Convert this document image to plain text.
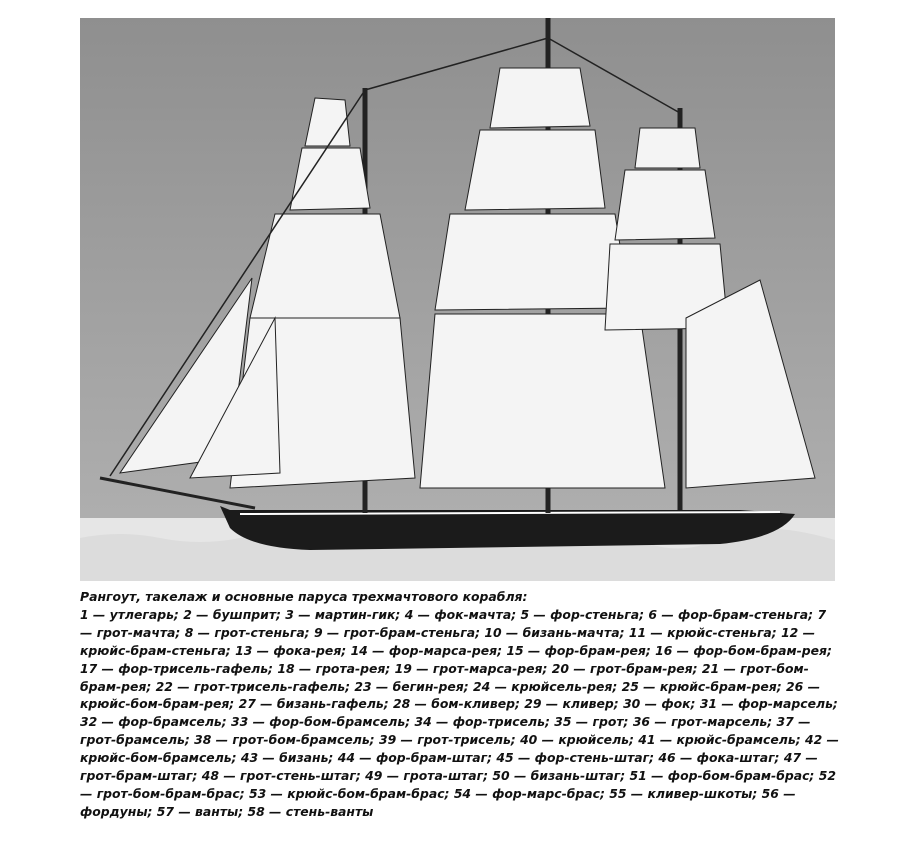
Рангоут, такелаж и основные паруса трехмачтового корабля:
1 — утлегарь; 2 — бушприт; 3 — мартин-гик; 4 — фок-мачта; 5 — фор-стеньга; 6 — фор-брам-стеньга; 7 — грот-мачта; 8 — грот-стеньга; 9 — грот-брам-стеньга; 10 — бизань-мачта; 11 — крюйс-стеньга; 12 — крюйс-брам-стеньга; 13 — фока-рея; 14 — фор-марса-рея; 15 — фор-брам-рея; 16 — фор-бом-брам-рея; 17 — фор-трисель-гафель; 18 — грота-рея; 19 — грот-марса-рея; 20 — грот-брам-рея; 21 — грот-бом-брам-рея; 22 — грот-трисель-гафель; 23 — бегин-рея; 24 — крюйсель-рея; 25 — крюйс-брам-рея; 26 — крюйс-бом-брам-рея; 27 — бизань-гафель; 28 — бом-кливер; 29 — кливер; 30 — фок; 31 — фор-марсель; 32 — фор-брамсель; 33 — фор-бом-брамсель; 34 — фор-трисель; 35 — грот; 36 — грот-марсель; 37 — грот-брамсель; 38 — грот-бом-брамсель; 39 — грот-трисель; 40 — крюйсель; 41 — крюйс-брамсель; 42 — крюйс-бом-брамсель; 43 — бизань; 44 — фор-брам-штаг; 45 — фор-стень-штаг; 46 — фока-штаг; 47 — грот-брам-штаг; 48 — грот-стень-штаг; 49 — грота-штаг; 50 — бизань-штаг; 51 — фор-бом-брам-брас; 52 — грот-бом-брам-брас; 53 — крюйс-бом-брам-брас; 54 — фор-марс-брас; 55 — кливер-шкоты; 56 — фордуны; 57 — ванты; 58 — стень-ванты
